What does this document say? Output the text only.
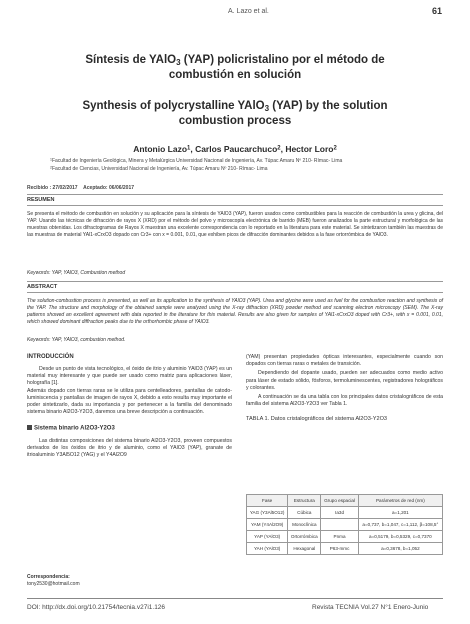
A. Lazo et al.	61
Síntesis de YAlO$_3$ (YAP) policristalino por el método de
combustión en solución
Synthesis of polycrystalline YAlO$_3$ (YAP) by the solution
combustion process
Antonio Lazo$^1$, Carlos Paucarchuco$^2$, Hector Loro$^2$
$^1$Facultad de Ingeniería Geológica, Minera y Metalúrgica Universidad Nacional de Ingeniería, Av. Túpac Amaru Nº 210- Rímac- Lima
$^2$Facultad de Ciencias, Universidad Nacional de Ingeniería, Av. Túpac Amaru Nº 210- Rímac- Lima
Recibido : 27/02/2017 Aceptado: 06/06/2017
RESUMEN
Se presenta el método de combustión en solución y su aplicación para la síntesis de YAlO3 (YAP), fueron usados como combustibles para la reacción de combustión la urea y glicina, del YAP. Usando las técnicas de difracción de rayos X (XRD) por el método del polvo y microscopía electrónica de barrido (MEB) fueron analizados la parte estructural y morfológica de las muestras obtenidas. Los difractogramas de Rayos X muestran una excelente correspondencia con lo reportado en la literatura para este material. Se sintetizaron también las muestras de las muestras de material YAl1-xCrxO3 dopado con Cr3+ con x = 0.001, 0.01, que exhiben picos de difracción dominantes debidos a la fase ortorrómbica de YAlO3.
Keywords: YAP, YAlO3, Combustion method
ABSTRACT
The solution-combustion process is presented, as well as its application to the synthesis of YAlO3 (YAP). Urea and glycine were used as fuel for the combustion reaction and synthesis of the YAP. The structure and morphology of the obtained sample were analyzed using the X-ray diffraction (XRD) powder method and scanning electron microscopy (SEM). The X-ray patterns showed an excellent agreement with data reported in the literature for this material. Results are also given for samples of YAl1-xCrxO3 doped with Cr3+, with x = 0.001, 0.01, which showed dominant diffraction peaks due to the orthorhombic phase of YAlO3.
Keywords: YAP, YAlO3, combustion method.
INTRODUCCIÓN
Desde un punto de vista tecnológico, el óxido de itrio y aluminio YAlO3 (YAP) es un material muy interesante y que puede ser usado como matriz para aplicaciones láser, holografía [1].
Además dopado con tierras raras se le utiliza para centelleadores, pantallas de catodo-luminiscencia y pantallas de imagen de rayos X, debido a esto resulta muy importante el poder sintetizarlo, dada su importancia y por pertenecer a la familia del denominado sistema binario Al2O3-Y2O3, daremos una breve descripción a continuación.
Sistema binario Al2O3-Y2O3
Las distintas composiciones del sistema binario Al2O3-Y2O3, proveen compuestos derivados de los óxidos de itrio y de aluminio, como el YAlO3 (YAP), granate de itrioaluminio Y3Al5O12 (YAG) y el Y4Al2O9
(YAM) presentan propiedades ópticas interesantes, especialmente cuando son dopados con tierras raras o metales de transición.
Dependiendo del dopante usado, pueden ser adecuados como medio activo para láser de estado sólido, fósforos, termoluminescentes, registradores holográficos y colorantes.
A continuación se da una tabla con los principales datos cristalográficos de esta familia del sistema Al2O3-Y2O3 ver Tabla 1.
TABLA 1. Datos cristalográficos del sistema Al2O3-Y2O3
Fase	Estructura	Grupo espacial	Parámetros de red (nm)
YAG (Y3Al5O12)	Cúbica	Ia3d	a=1,201
YAM (Y4Al2O9)	Monoclínica		a=0,737, b=1,047, c=1,112, β=108,5°
YAP (YAlO3)	Ortorrómbica	Pnma	a=0,5179, b=0,5329, c=0,7370
YAH (YAlO3)	Hexagonal	P63-mmc	a=0,3678, b=1,052
Correspondencia:
tony2530@hotmail.com
DOI: http://dx.doi.org/10.21754/tecnia.v27i1.126	Revista TECNIA Vol.27 N°1 Enero-Junio
